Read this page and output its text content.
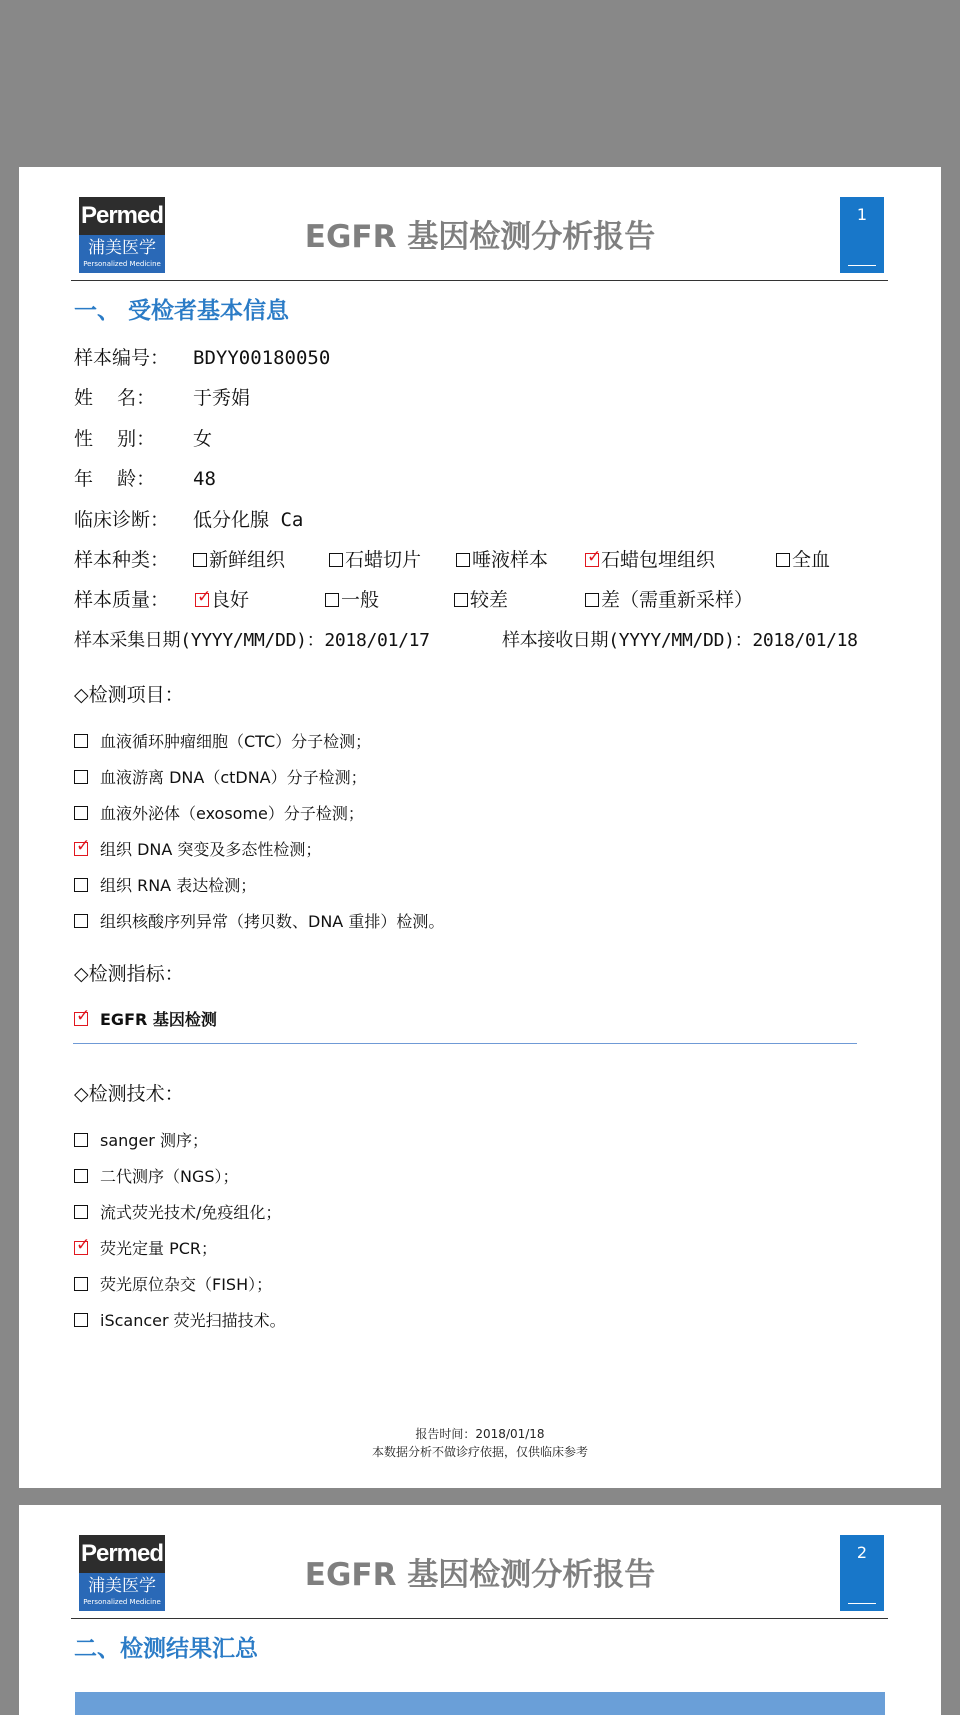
Permed
浦美医学
Personalized Medicine
EGFR 基因检测分析报告
1
一、 受检者基本信息
样本编号： BDYY00180050
姓    名： 于秀娟
性    别： 女
年    龄： 48
临床诊断： 低分化腺 Ca
样本种类：	新鲜组织	石蜡切片	唾液样本 ✓	石蜡包埋组织	全血
样本质量： ✓	良好	一般	较差	差（需重新采样）
样本采集日期(YYYY/MM/DD)：2018/01/17	样本接收日期(YYYY/MM/DD)：2018/01/18
◇检测项目：
血液循环肿瘤细胞（CTC）分子检测；
血液游离 DNA（ctDNA）分子检测；
血液外泌体（exosome）分子检测；
✓组织 DNA 突变及多态性检测；
组织 RNA 表达检测；
组织核酸序列异常（拷贝数、DNA 重排）检测。
◇检测指标：
✓EGFR 基因检测
◇检测技术：
sanger 测序；
二代测序（NGS）；
流式荧光技术/免疫组化；
✓荧光定量 PCR；
荧光原位杂交（FISH）；
iScancer 荧光扫描技术。
报告时间：2018/01/18
本数据分析不做诊疗依据，仅供临床参考
Permed
浦美医学
Personalized Medicine
EGFR 基因检测分析报告
2
二、检测结果汇总
